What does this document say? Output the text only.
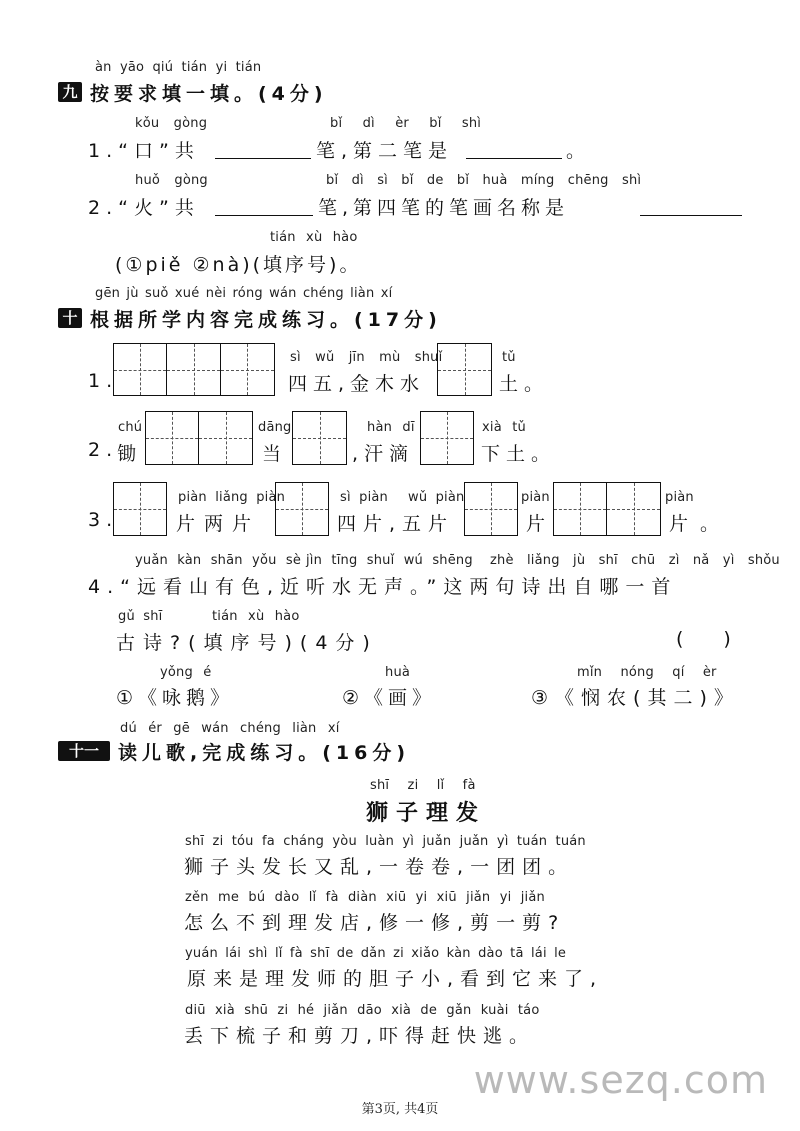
àn yāo qiú tián yi tián
九 按要求填一填。(4分)
kǒu gòng	bǐ dì èr bǐ shì
1.“口”共	笔,第二笔是	。
huǒ gòng	bǐ dì sì bǐ de bǐ huà míng chēng shì
2.“火”共	笔,第四笔的笔画名称是
tián xù hào
(①piě ②nà)(填序号)。
gēn jù suǒ xué nèi róng wán chéng liàn xí
十 根据所学内容完成练习。(17分)
1.
sì wǔ jīn mù shuǐ
四五,金木水
tǔ
土。
2.
chú
锄
dāng
当
hàn dī
,汗滴
xià tǔ
下土。
3.
piàn liǎng piàn
片两片
sì piàn wǔ piàn
四片,五片
piàn
片
piàn
片。
yuǎn kàn shān yǒu sè jìn tīng shuǐ wú shēng zhè liǎng jù shī chū zì nǎ yì shǒu
4.“远看山有色,近听水无声。”这两句诗出自哪一首
gǔ shī	tián xù hào
古诗?(填序号)(4分)	()
yǒng é
①《咏鹅》
huà
②《画》
mǐn nóng qí èr
③《悯农(其二)》
dú ér gē wán chéng liàn xí
十一	读儿歌,完成练习。(16分)
shī zi lǐ fà
狮子理发
shī zi tóu fa cháng yòu luàn yì juǎn juǎn yì tuán tuán
狮子头发长又乱,一卷卷,一团团。
zěn me bú dào lǐ fà diàn xiū yi xiū jiǎn yi jiǎn
怎么不到理发店,修一修,剪一剪?
yuán lái shì lǐ fà shī de dǎn zi xiǎo kàn dào tā lái le
原来是理发师的胆子小,看到它来了,
diū xià shū zi hé jiǎn dāo xià de gǎn kuài táo
丢下梳子和剪刀,吓得赶快逃。
www.sezq.com
第3页, 共4页
